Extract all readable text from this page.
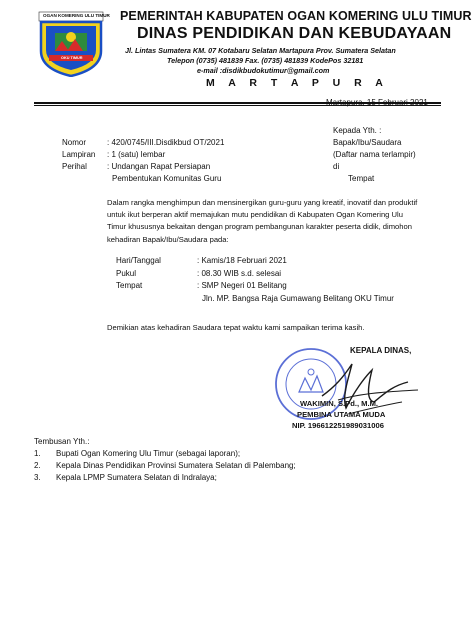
OGAN KOMERING ULU TIMUR
OKU TIMUR
PEMERINTAH KABUPATEN OGAN KOMERING ULU TIMUR
DINAS PENDIDIKAN DAN KEBUDAYAAN
Jl. Lintas Sumatera KM. 07 Kotabaru Selatan Martapura Prov. Sumatera Selatan
Telepon (0735) 481839 Fax. (0735) 481839 KodePos 32181
e-mail :disdikbudokutimur@gmail.com
M A R T A P U R A
Martapura, 15 Februari 2021
Kepada Yth. :
Bapak/Ibu/Saudara
(Daftar nama terlampir)
di
Tempat
Nomor	: 420/0745/III.Disdikbud OT/2021
Lampiran : 1 (satu) lembar
Perihal	: Undangan Rapat Persiapan
Pembentukan Komunitas Guru
Dalam rangka menghimpun dan mensinergikan guru-guru yang kreatif, inovatif dan produktif
untuk ikut berperan aktif memajukan mutu pendidikan di Kabupaten Ogan Komering Ulu
Timur khususnya bekaitan dengan program pembangunan karakter peserta didik, dimohon
kehadiran Bapak/Ibu/Saudara pada:
Hari/Tanggal	: Kamis/18 Februari 2021
Pukul	: 08.30 WIB s.d. selesai
Tempat	: SMP Negeri 01 Belitang
Jln. MP. Bangsa Raja Gumawang Belitang OKU Timur
Demikian atas kehadiran Saudara tepat waktu kami sampaikan terima kasih.
KEPALA DINAS,
WAKIMIN, S.Pd., M.M.
PEMBINA UTAMA MUDA
NIP. 196612251989031006
Tembusan Yth.:
1. Bupati Ogan Komering Ulu Timur (sebagai laporan);
2. Kepala Dinas Pendidikan Provinsi Sumatera Selatan di Palembang;
3. Kepala LPMP Sumatera Selatan di Indralaya;
